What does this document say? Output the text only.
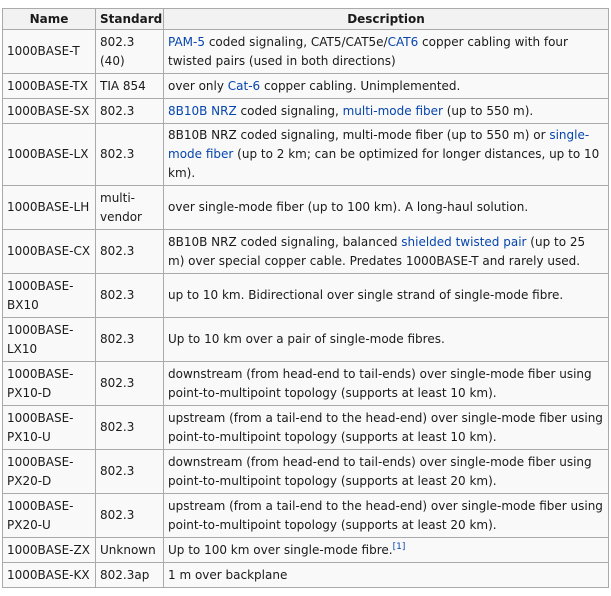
Name	Standard	Description
1000BASE-T	802.3 (40)	PAM-5 coded signaling, CAT5/CAT5e/CAT6 copper cabling with four twisted pairs (used in both directions)
1000BASE-TX	TIA 854	over only Cat-6 copper cabling. Unimplemented.
1000BASE-SX	802.3	8B10B NRZ coded signaling, multi-mode fiber (up to 550 m).
1000BASE-LX	802.3	8B10B NRZ coded signaling, multi-mode fiber (up to 550 m) or single-mode fiber (up to 2 km; can be optimized for longer distances, up to 10 km).
1000BASE-LH	multi-vendor	over single-mode fiber (up to 100 km). A long-haul solution.
1000BASE-CX	802.3	8B10B NRZ coded signaling, balanced shielded twisted pair (up to 25 m) over special copper cable. Predates 1000BASE-T and rarely used.
1000BASE-BX10	802.3	up to 10 km. Bidirectional over single strand of single-mode fibre.
1000BASE-LX10	802.3	Up to 10 km over a pair of single-mode fibres.
1000BASE-PX10-D	802.3	downstream (from head-end to tail-ends) over single-mode fiber using point-to-multipoint topology (supports at least 10 km).
1000BASE-PX10-U	802.3	upstream (from a tail-end to the head-end) over single-mode fiber using point-to-multipoint topology (supports at least 10 km).
1000BASE-PX20-D	802.3	downstream (from head-end to tail-ends) over single-mode fiber using point-to-multipoint topology (supports at least 20 km).
1000BASE-PX20-U	802.3	upstream (from a tail-end to the head-end) over single-mode fiber using point-to-multipoint topology (supports at least 20 km).
1000BASE-ZX	Unknown	Up to 100 km over single-mode fibre.[1]
1000BASE-KX	802.3ap	1 m over backplane
